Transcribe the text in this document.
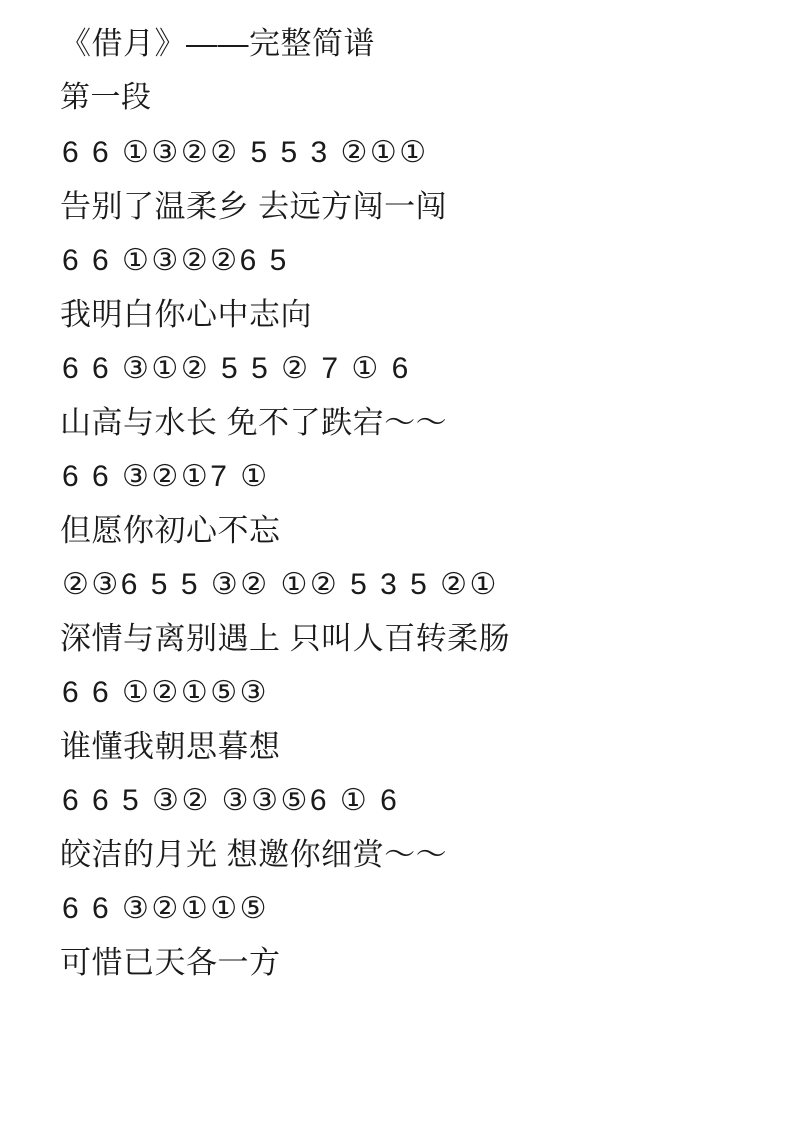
《借月》——完整简谱
第一段
6 6 ①③②② 5 5 3 ②①①
告别了温柔乡 去远方闯一闯
6 6 ①③②②6 5
我明白你心中志向
6 6 ③①② 5 5 ② 7 ① 6
山高与水长 免不了跌宕～～
6 6 ③②①7 ①
但愿你初心不忘
②③6 5 5 ③② ①② 5 3 5 ②①
深情与离别遇上 只叫人百转柔肠
6 6 ①②①⑤③
谁懂我朝思暮想
6 6 5 ③② ③③⑤6 ① 6
皎洁的月光 想邀你细赏～～
6 6 ③②①①⑤
可惜已天各一方
